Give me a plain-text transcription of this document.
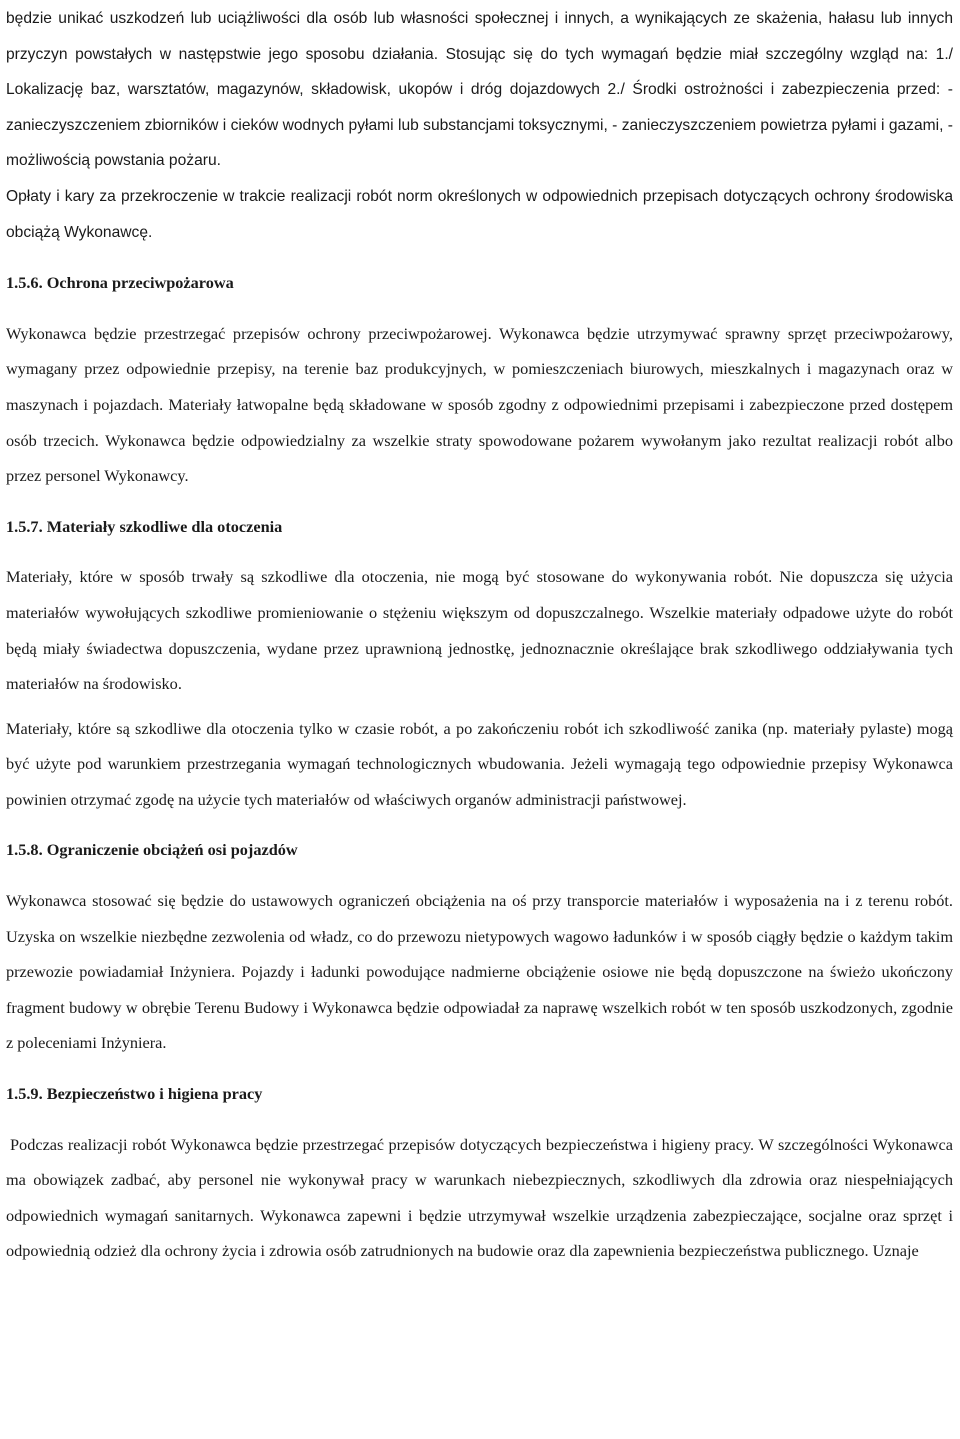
będzie unikać uszkodzeń lub uciążliwości dla osób lub własności społecznej i innych, a wynikających ze skażenia, hałasu lub innych przyczyn powstałych w następstwie jego sposobu działania. Stosując się do tych wymagań będzie miał szczególny wzgląd na: 1./ Lokalizację baz, warsztatów, magazynów, składowisk, ukopów i dróg dojazdowych 2./ Środki ostrożności i zabezpieczenia przed: - zanieczyszczeniem zbiorników i cieków wodnych pyłami lub substancjami toksycznymi, - zanieczyszczeniem powietrza pyłami i gazami, - możliwością powstania pożaru.

Opłaty i kary za przekroczenie w trakcie realizacji robót norm określonych w odpowiednich przepisach dotyczących ochrony środowiska obciążą Wykonawcę.

1.5.6. Ochrona przeciwpożarowa

Wykonawca będzie przestrzegać przepisów ochrony przeciwpożarowej. Wykonawca będzie utrzymywać sprawny sprzęt przeciwpożarowy, wymagany przez odpowiednie przepisy, na terenie baz produkcyjnych, w pomieszczeniach biurowych, mieszkalnych i magazynach oraz w maszynach i pojazdach. Materiały łatwopalne będą składowane w sposób zgodny z odpowiednimi przepisami i zabezpieczone przed dostępem osób trzecich. Wykonawca będzie odpowiedzialny za wszelkie straty spowodowane pożarem wywołanym jako rezultat realizacji robót albo przez personel Wykonawcy.

1.5.7. Materiały szkodliwe dla otoczenia

Materiały, które w sposób trwały są szkodliwe dla otoczenia, nie mogą być stosowane do wykonywania robót. Nie dopuszcza się użycia materiałów wywołujących szkodliwe promieniowanie o stężeniu większym od dopuszczalnego. Wszelkie materiały odpadowe użyte do robót będą miały świadectwa dopuszczenia, wydane przez uprawnioną jednostkę, jednoznacznie określające brak szkodliwego oddziaływania tych materiałów na środowisko.

Materiały, które są szkodliwe dla otoczenia tylko w czasie robót, a po zakończeniu robót ich szkodliwość zanika (np. materiały pylaste) mogą być użyte pod warunkiem przestrzegania wymagań technologicznych wbudowania. Jeżeli wymagają tego odpowiednie przepisy Wykonawca powinien otrzymać zgodę na użycie tych materiałów od właściwych organów administracji państwowej.

1.5.8. Ograniczenie obciążeń osi pojazdów

Wykonawca stosować się będzie do ustawowych ograniczeń obciążenia na oś przy transporcie materiałów i wyposażenia na i z terenu robót. Uzyska on wszelkie niezbędne zezwolenia od władz, co do przewozu nietypowych wagowo ładunków i w sposób ciągły będzie o każdym takim przewozie powiadamiał Inżyniera. Pojazdy i ładunki powodujące nadmierne obciążenie osiowe nie będą dopuszczone na świeżo ukończony fragment budowy w obrębie Terenu Budowy i Wykonawca będzie odpowiadał za naprawę wszelkich robót w ten sposób uszkodzonych, zgodnie z poleceniami Inżyniera.

1.5.9. Bezpieczeństwo i higiena pracy

Podczas realizacji robót Wykonawca będzie przestrzegać przepisów dotyczących bezpieczeństwa i higieny pracy. W szczególności Wykonawca ma obowiązek zadbać, aby personel nie wykonywał pracy w warunkach niebezpiecznych, szkodliwych dla zdrowia oraz niespełniających odpowiednich wymagań sanitarnych. Wykonawca zapewni i będzie utrzymywał wszelkie urządzenia zabezpieczające, socjalne oraz sprzęt i odpowiednią odzież dla ochrony życia i zdrowia osób zatrudnionych na budowie oraz dla zapewnienia bezpieczeństwa publicznego. Uznaje
